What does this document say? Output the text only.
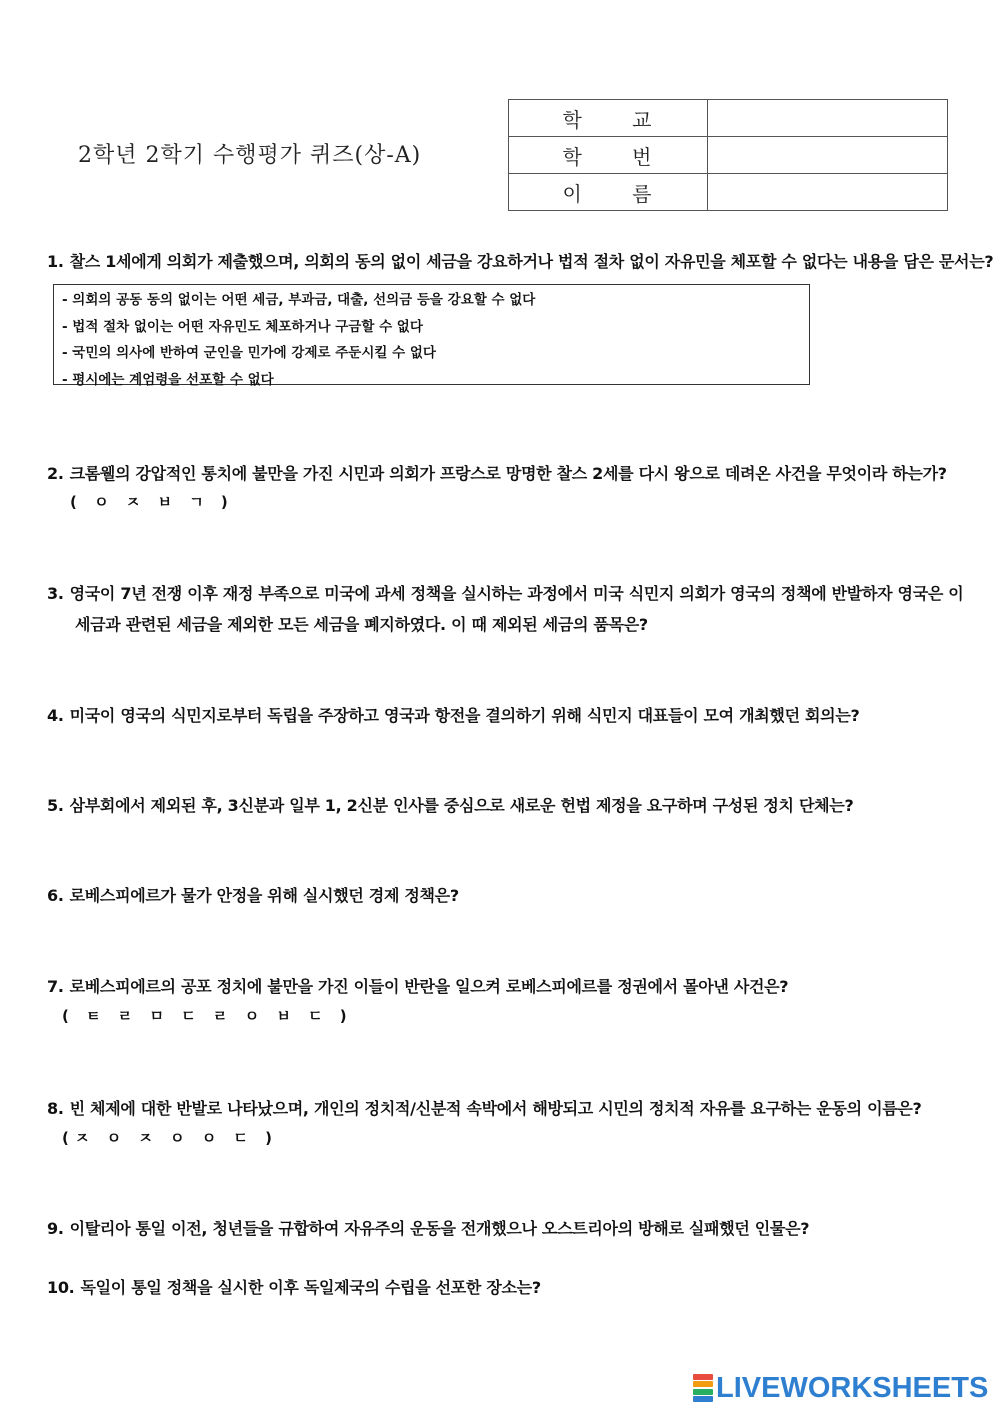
2학년 2학기 수행평가 퀴즈(상-A)
학 교	
학 번	
이 름	
1. 찰스 1세에게 의회가 제출했으며, 의회의 동의 없이 세금을 강요하거나 법적 절차 없이 자유민을 체포할 수 없다는 내용을 담은 문서는?
- 의회의 공동 동의 없이는 어떤 세금, 부과금, 대출, 선의금 등을 강요할 수 없다
- 법적 절차 없이는 어떤 자유민도 체포하거나 구금할 수 없다
- 국민의 의사에 반하여 군인을 민가에 강제로 주둔시킬 수 없다
- 평시에는 계엄령을 선포할 수 없다
2. 크롬웰의 강압적인 통치에 불만을 가진 시민과 의회가 프랑스로 망명한 찰스 2세를 다시 왕으로 데려온 사건을 무엇이라 하는가?
( ㅇ ㅈ ㅂ ㄱ )
3. 영국이 7년 전쟁 이후 재정 부족으로 미국에 과세 정책을 실시하는 과정에서 미국 식민지 의회가 영국의 정책에 반발하자 영국은 이
세금과 관련된 세금을 제외한 모든 세금을 폐지하였다. 이 때 제외된 세금의 품목은?
4. 미국이 영국의 식민지로부터 독립을 주장하고 영국과 항전을 결의하기 위해 식민지 대표들이 모여 개최했던 회의는?
5. 삼부회에서 제외된 후, 3신분과 일부 1, 2신분 인사를 중심으로 새로운 헌법 제정을 요구하며 구성된 정치 단체는?
6. 로베스피에르가 물가 안정을 위해 실시했던 경제 정책은?
7. 로베스피에르의 공포 정치에 불만을 가진 이들이 반란을 일으켜 로베스피에르를 정권에서 몰아낸 사건은?
( ㅌ ㄹ ㅁ ㄷ ㄹ ㅇ ㅂ ㄷ )
8. 빈 체제에 대한 반발로 나타났으며, 개인의 정치적/신분적 속박에서 해방되고 시민의 정치적 자유를 요구하는 운동의 이름은?
(ㅈ ㅇ ㅈ ㅇ ㅇ ㄷ )
9. 이탈리아 통일 이전, 청년들을 규합하여 자유주의 운동을 전개했으나 오스트리아의 방해로 실패했던 인물은?
10. 독일이 통일 정책을 실시한 이후 독일제국의 수립을 선포한 장소는?
LIVEWORKSHEETS
